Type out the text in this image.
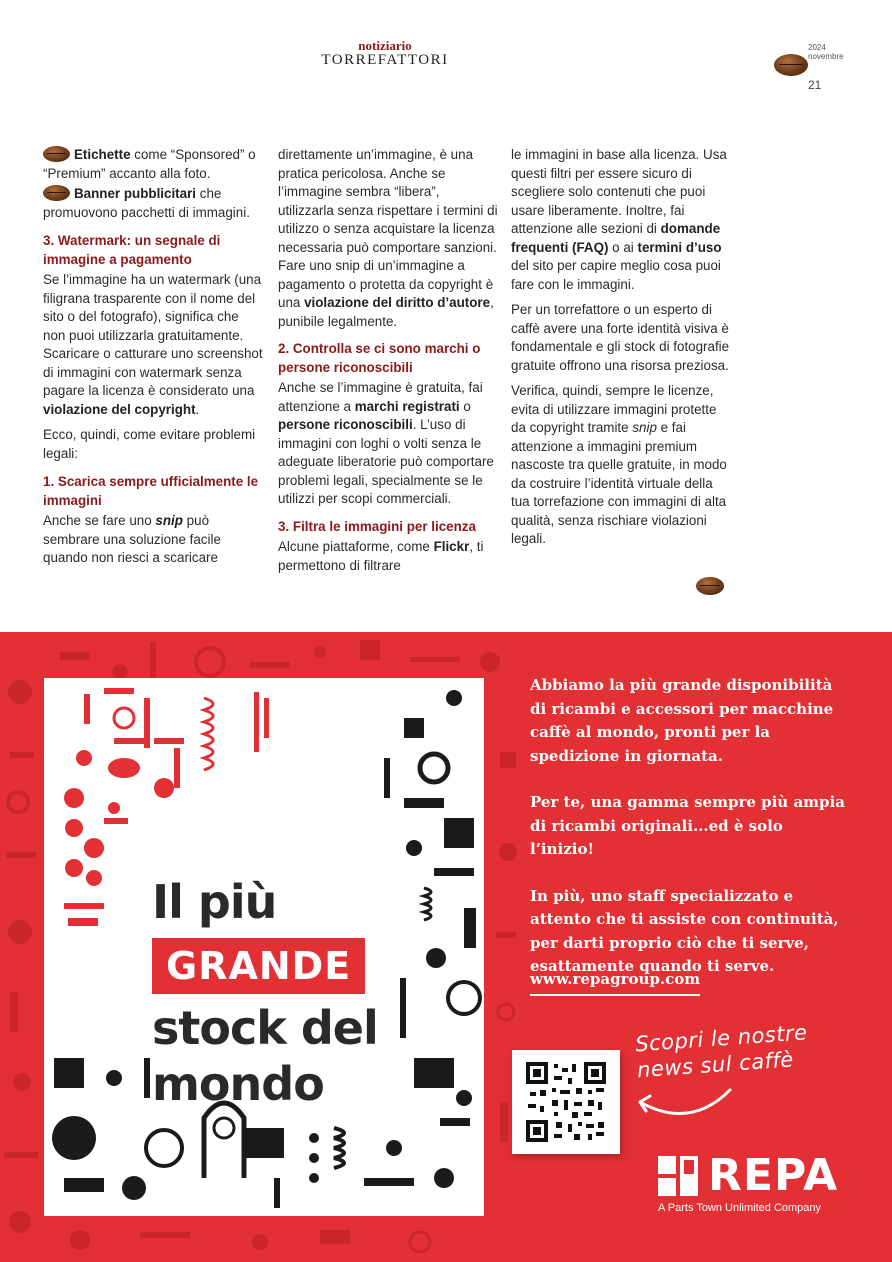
notiziario
TORREFATTORI
2024
novembre
21

Etichette come “Sponsored” o “Premium” accanto alla foto.

Banner pubblicitari che promuovono pacchetti di immagini.

3. Watermark: un segnale di immagine a pagamento

Se l’immagine ha un watermark (una filigrana trasparente con il nome del sito o del fotografo), significa che non puoi utilizzarla gratuitamente. Scaricare o catturare uno screenshot di immagini con watermark senza pagare la licenza è considerato una violazione del copyright.

Ecco, quindi, come evitare problemi legali:

1. Scarica sempre ufficialmente le immagini

Anche se fare uno snip può sembrare una soluzione facile quando non riesci a scaricare

direttamente un’immagine, è una pratica pericolosa. Anche se l’immagine sembra “libera”, utilizzarla senza rispettare i termini di utilizzo o senza acquistare la licenza necessaria può comportare sanzioni. Fare uno snip di un’immagine a pagamento o protetta da copyright è una violazione del diritto d’autore, punibile legalmente.

2. Controlla se ci sono marchi o persone riconoscibili

Anche se l’immagine è gratuita, fai attenzione a marchi registrati o persone riconoscibili. L’uso di immagini con loghi o volti senza le adeguate liberatorie può comportare problemi legali, specialmente se le utilizzi per scopi commerciali.

3. Filtra le immagini per licenza

Alcune piattaforme, come Flickr, ti permettono di filtrare

le immagini in base alla licenza. Usa questi filtri per essere sicuro di scegliere solo contenuti che puoi usare liberamente. Inoltre, fai attenzione alle sezioni di domande frequenti (FAQ) o ai termini d’uso del sito per capire meglio cosa puoi fare con le immagini.

Per un torrefattore o un esperto di caffè avere una forte identità visiva è fondamentale e gli stock di fotografie gratuite offrono una risorsa preziosa.

Verifica, quindi, sempre le licenze, evita di utilizzare immagini protette da copyright tramite snip e fai attenzione a immagini premium nascoste tra quelle gratuite, in modo da costruire l’identità virtuale della tua torrefazione con immagini di alta qualità, senza rischiare violazioni legali.

Il più
GRANDE
stock del
mondo

Abbiamo la più grande disponibilità di ricambi e accessori per macchine caffè al mondo, pronti per la spedizione in giornata.

Per te, una gamma sempre più ampia di ricambi originali...ed è solo l’inizio!

In più, uno staff specializzato e attento che ti assiste con continuità, per darti proprio ciò che ti serve, esattamente quando ti serve.

www.repagroup.com
Scopri le nostre news sul caffè
REPA
A Parts Town Unlimited Company
